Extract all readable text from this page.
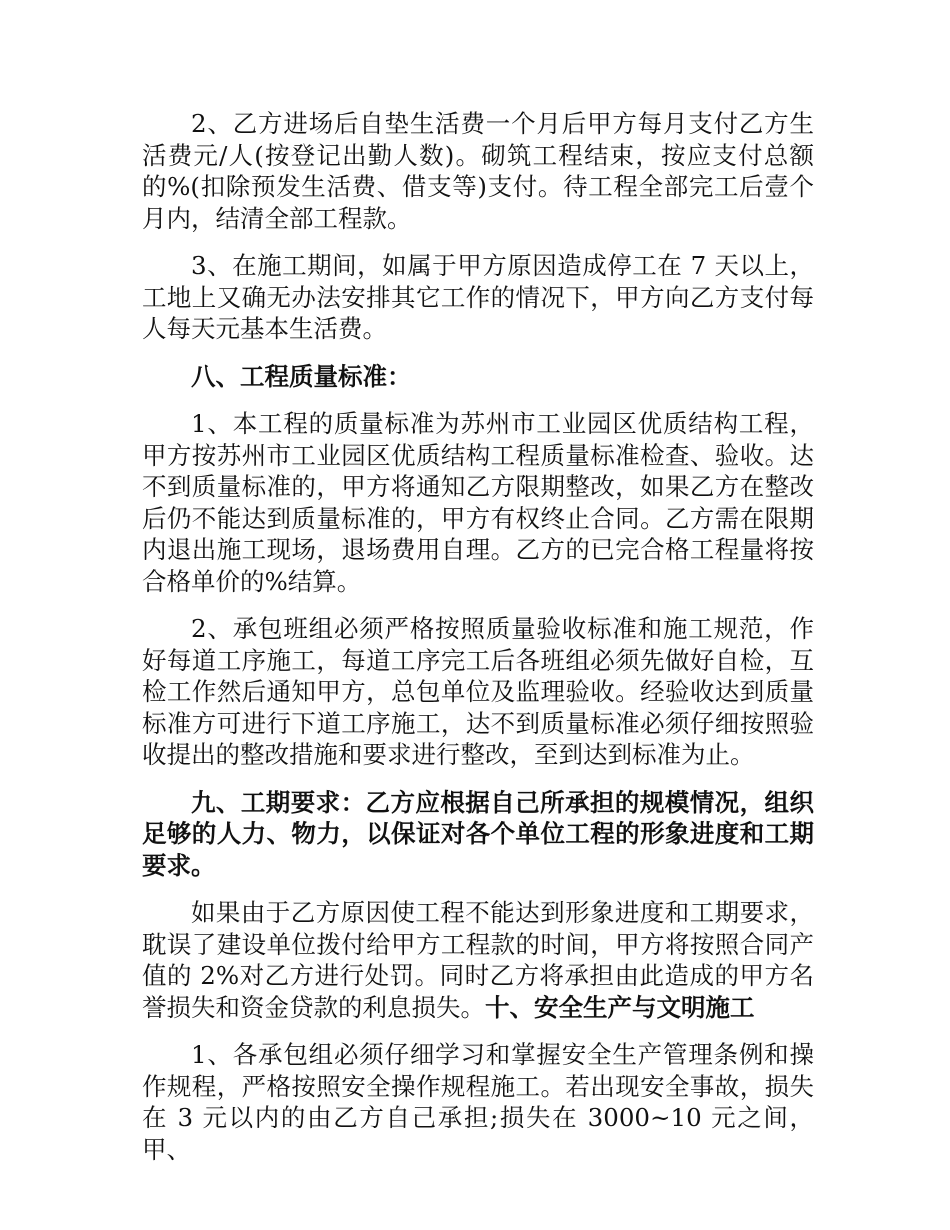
2、乙方进场后自垫生活费一个月后甲方每月支付乙方生活费元/人(按登记出勤人数)。砌筑工程结束，按应支付总额的%(扣除预发生活费、借支等)支付。待工程全部完工后壹个月内，结清全部工程款。

3、在施工期间，如属于甲方原因造成停工在 7 天以上，工地上又确无办法安排其它工作的情况下，甲方向乙方支付每人每天元基本生活费。

八、工程质量标准：

1、本工程的质量标准为苏州市工业园区优质结构工程，甲方按苏州市工业园区优质结构工程质量标准检查、验收。达不到质量标准的，甲方将通知乙方限期整改，如果乙方在整改后仍不能达到质量标准的，甲方有权终止合同。乙方需在限期内退出施工现场，退场费用自理。乙方的已完合格工程量将按合格单价的%结算。

2、承包班组必须严格按照质量验收标准和施工规范，作好每道工序施工，每道工序完工后各班组必须先做好自检，互检工作然后通知甲方，总包单位及监理验收。经验收达到质量标准方可进行下道工序施工，达不到质量标准必须仔细按照验收提出的整改措施和要求进行整改，至到达到标准为止。

九、工期要求：乙方应根据自己所承担的规模情况，组织足够的人力、物力，以保证对各个单位工程的形象进度和工期要求。

如果由于乙方原因使工程不能达到形象进度和工期要求，耽误了建设单位拨付给甲方工程款的时间，甲方将按照合同产值的 2%对乙方进行处罚。同时乙方将承担由此造成的甲方名誉损失和资金贷款的利息损失。十、安全生产与文明施工

1、各承包组必须仔细学习和掌握安全生产管理条例和操作规程，严格按照安全操作规程施工。若出现安全事故，损失在 3 元以内的由乙方自己承担;损失在 3000~10 元之间，甲、
